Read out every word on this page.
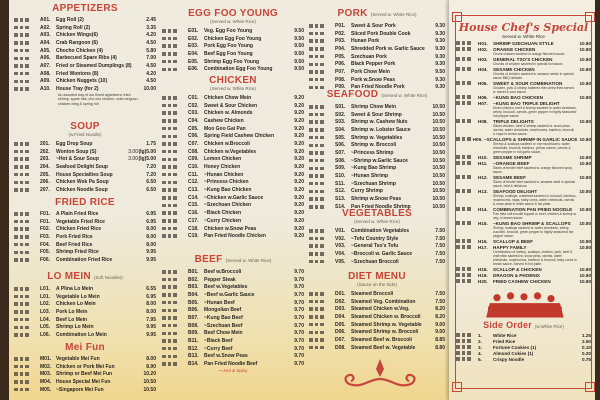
APPETIZERS
A01.	Egg Roll (2)	2.45
A02.	Spring Roll (2)	3.35
A03.	Chicken Wings(6)	4.20
A04.	Crab Rangoon (6)	4.50
A05.	Chocho Chicken (4)	5.80
A06.	Barbecued Spare Ribs (4)	7.00
A07.	Fried or Steamed Dumplings (8)	4.50
A08.	Fried Wontons (8)	4.20
A09.	Chicken Nuggets (10)	4.50
A10.	House Tray (for 2)	10.00
An assorted tray of our finest appetizers: fried shrimp, spare ribs, cho cho chicken, crab rangoon, chicken wing & spring roll
SOUP
(w.Fried Noodle)
201.	Egg Drop Soup	1.75
202.	Wonton Soup (S)	3.00 (lg)5.00
203.	~Hot & Sour Soup	3.00 (lg)5.00
204.	Seafood Delight Soup	7.20
205.	House Specialties Soup	7.20
206.	Chicken Wok Pa Soup	6.50
207.	Chicken Noodle Soup	6.50
FRIED RICE
F01.	A Plain Fried Rice	6.95
F01.	Vegetable Fried Rice	6.95
F02.	Chicken Fried Rice	8.00
F03.	Pork Fried Rice	8.00
F04.	Beef Fried Rice	8.00
F05.	Shrimp Fried Rice	9.95
F06.	Combination Fried Rice	9.95
LO MEIN (Soft Noodles)
L01.	A Plina Lo Mein	6.55
L01.	Vegetable Lo Mein	6.95
L02.	Chicken Lo Mein	8.00
L03.	Pork Lo Mein	8.00
L04.	Beef Lo Mein	7.95
L05.	Shrimp Lo Mein	9.95
L06.	Combination Lo Mein	9.95
Mei Fun
M01. Vegetable Mei Fun	8.00
M02. Chicken or Pork Mei Fun	8.90
M03. Shrimp or Beef Mei Fun	10.20
M04. House Special Mei Fun	10.50
M05. ~Singapore Mei Fun	10.50
EGG FOO YOUNG
(Served w. White Rice)
E01.	Veg. Egg Foo Young	9.50
E02.	Chicken Egg Foo Young	9.50
E03.	Pork Egg Foo Young	9.50
E04.	Beef Egg Foo Young	9.50
E05.	Shrimp Egg Foo Young	9.50
E06.	Combination Egg Foo Young	9.50
CHICKEN
(Served w. White Rice)
C01.	Chicken Chow Mein	9.20
C02.	Sweet & Sour Chicken	9.20
C03.	Chicken w. Almonds	9.20
C04.	Cashew Chicken	9.20
C05.	Moo Goo Gai Pan	9.20
C06.	Spring Field Cashew Chicken	9.20
C07.	Chicken w.Broccoli	9.20
C08.	Chicken w.Vegetables	9.20
C09.	Lemon Chicken	9.20
C10.	Honey Chicken	9.20
C11.	~Hunan Chicken	9.20
C12.	~Princess Chicken	9.20
C13.	~Kung Bao Chicken	9.20
C14.	~Chicken w.Garlic Sauce	9.20
C15.	~Szechuan Chicken	9.20
C16.	~Black Chicken	9.20
C17.	~Curry Chicken	9.20
C18.	Chicken w.Snow Peas	9.20
C19.	Pan Fried Noodle Chicken	9.20
BEEF (Served w. White Rice)
B01.	Beef w.Broccoli	9.70
B02.	Pepper Steak	9.70
B03.	Beef w.Vegetables	9.70
B04.	~Beef w.Garlic Sauce	9.70
B05.	~Hunan Beef	9.70
B06.	Mongolian Beef	9.70
B07.	~Kung Bao Beef	9.70
B08.	~Szechuan Beef	9.70
B09.	Beef Chow Mein	9.70
B11.	~Black Beef	9.70
B12.	~Curry Beef	9.70
B13.	Beef w.Snow Peas	9.70
B14.	Pan Fried Noodle Beef	9.70
~=Hot & Spicy
PORK (Served w. White Rice)
P01.	Sweet & Sour Pork	9.30
P02.	Sliced Pork Double Cook	9.30
P03.	Hunan Pork	9.30
P04.	Shredded Pork w. Garlic Sauce	9.30
P05.	Szechuan Pork	9.30
P06.	Black Pepper Pork	9.30
P07.	Pork Chow Mein	9.50
P08.	Pork w.Snow Peas	9.30
P09.	Pan Fried Noodle Pork	9.30
SEAFOOD (Served w. White Rice)
S01.	Shrimp Chow Mein	10.50
S02.	Sweet & Sour Shrimp	10.50
S03.	Shrimp w. Cashew Nuts	10.50
S04.	Shrimp w. Lobster Sauce	10.50
S05.	Shrimp w. Vegetables	10.50
S06.	Shrimp w. Broccoli	10.50
S07.	~Princess Shrimp	10.50
S08.	~Shrimp w.Garlic Sauce	10.50
S09.	~Kung Bao Shrimp	10.50
S10.	~Hunan Shrimp	10.50
S11.	~Szechuan Shrimp	10.50
S12.	Curry Shrimp	10.50
S13.	Shrimp w.Snow Peas	10.50
S14.	Pan Fried Noodle Shrimp	10.50
VEGETABLES
(Served w. White Rice)
V01.	Combination Vegetables	7.50
V02.	~Tofu Country Style	7.50
V03.	~General Tso's Tofu	7.50
V04.	~Broccoli w. Garlic Sauce	7.50
V05.	~Szechuan Broccoli	7.50
DIET MENU
(Sauce on the Side)
D01.	Steamed Broccoli	7.50
D02.	Steamed Veg. Combination	7.50
D03.	Steamed Chicken w.Veg.	8.20
D04.	Steamed Chicken w. Broccoli	8.20
D05.	Steamed Shrimp w. Vegetable	9.00
D06.	Steamed Shrimp w. Broccoli	9.00
D07.	Steamed Beef w. Broccoli	8.85
D08.	Steamed Beef w. Vegetable	8.80
House Chef's Special
Served w. White Rice
H01.	SHRIMP SZECHUAN STYLE	10.80
H02.	ORANGE CHICKEN	10.80
Chunk chicken sauteed in orange flavored sauce.
H03.	GENERAL TSO'S CHICKEN	10.80
Chunks of chicken sauteed in special hot sauce.
H04.	SESAME CHICKEN	10.80
Chunks of chicken sauteed w. sesame seeds in special sauce BBQ delicate.
H05.	SWEET & SOUR COMBINATION	10.80
Chicken, pork & shrimp battered then deep fried served w. sweet & sour sauce.
H06.	~KUNG BAO CHICKEN	10.80
H07.	~KUNG BAO TRIPLE DELIGHT
Diced chicken, beef & shrimp sauteed in water chestnuts, celery, broccoli, carrots, green pepper in highly seasoned hot pepper sauce.
H08.	TRIPLE DELIGHTS	10.80
Sliced chicken, beef & shrimp sauteed w. snow peas, carrots, water chestnuts, mushrooms, bamboo, broccoli & napa in brown sauce.
H09. ~SCALLOPS & SHRIMP IN GARLIC SAUCE 10.80
Shrimp & scallops sauteed w. ear mushrooms, water chestnuts, broccoli, bamboo, yellow onions, carrots & green pepper in hot garlic sauce.
H10.	SESAME SHRIMP	10.80
H11.	~ORANGE BEEF	10.80
Slices of tender beef sauteed w. orange flavored spicy sauce.
H12.	SESAME BEEF	10.80
Slices of tender beef sauteed w. sesame seed in special sauce, mild & delicious.
H13.	SEAFOOD DELIGHT	10.80
Shrimp, scallops, crabmeat sauteed w. broccoli, bamboo, mushrooms, napa, baby corns, water chestnuts, carrots & snow peas in white sauce & hot plate.
H14.	COMBINATION PAN FRIED NOODLE	10.80
Pan fried soft noodle topped w. beef, chicken & shrimp w. veg. in brown sauce.
H15.	~KUNG BAO SHRIMP & SCALLOPS	10.80
Shrimp, scallops sauteed w. water chestnuts, celery, zucchini, broccoli, green pepper in highly seasoned hot pepper sauce.
H16.	SCALLOP & BEEF	10.80
H17.	HAPPY FAMILY	10.80
Combination of shrimp, scallops, chicken, pork, beef & crab stick sauteed w. snow peas, carrots, water chestnuts, mushrooms, bamboo & broccoli, baby corns in brown sauce. Served in hot plate.
H18.	SCALLOP & CHICKEN	10.80
H19.	DRAGON & PHOENIX	10.80
H20.	FRIED CASHEW CHICKEN	10.80
Side Order (w.White Rice)
1.	White Rice	1.25
2.	Fried Rice	2.50
3.	Fortune Cookies (1)	0.10
4.	Almond Cokies (1)	0.20
5.	Crispy Noodle	0.75
